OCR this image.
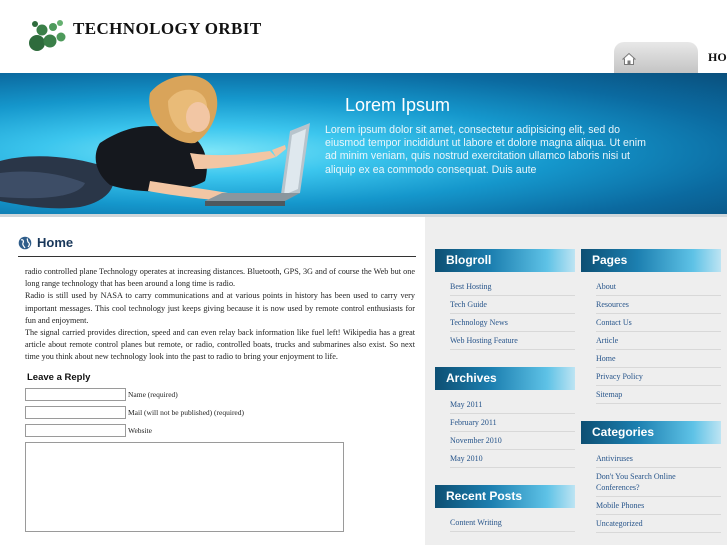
TECHNOLOGY ORBIT
HO
Lorem Ipsum
Lorem ipsum dolor sit amet, consectetur adipisicing elit, sed do eiusmod tempor incididunt ut labore et dolore magna aliqua. Ut enim ad minim veniam, quis nostrud exercitation ullamco laboris nisi ut aliquip ex ea commodo consequat. Duis aute
Home

radio controlled plane Technology operates at increasing distances. Bluetooth, GPS, 3G and of course the Web but one long range technology that has been around a long time is radio.

Radio is still used by NASA to carry communications and at various points in history has been used to carry very important messages. This cool technology just keeps giving because it is now used by remote control enthusiasts for fun and enjoyment.

The signal carried provides direction, speed and can even relay back information like fuel left! Wikipedia has a great article about remote control planes but remote, or radio, controlled boats, trucks and submarines also exist. So next time you think about new technology look into the past to radio to bring your enjoyment to life.

Leave a Reply
Name (required)
Mail (will not be published) (required)
Website
Blogroll
Best Hosting
Tech Guide
Technology News
Web Hosting Feature
Archives
May 2011
February 2011
November 2010
May 2010
Recent Posts
Content Writing
Pages
About
Resources
Contact Us
Article
Home
Privacy Policy
Sitemap
Categories
Antiviruses
Don't You Search Online Conferences?
Mobile Phones
Uncategorized
